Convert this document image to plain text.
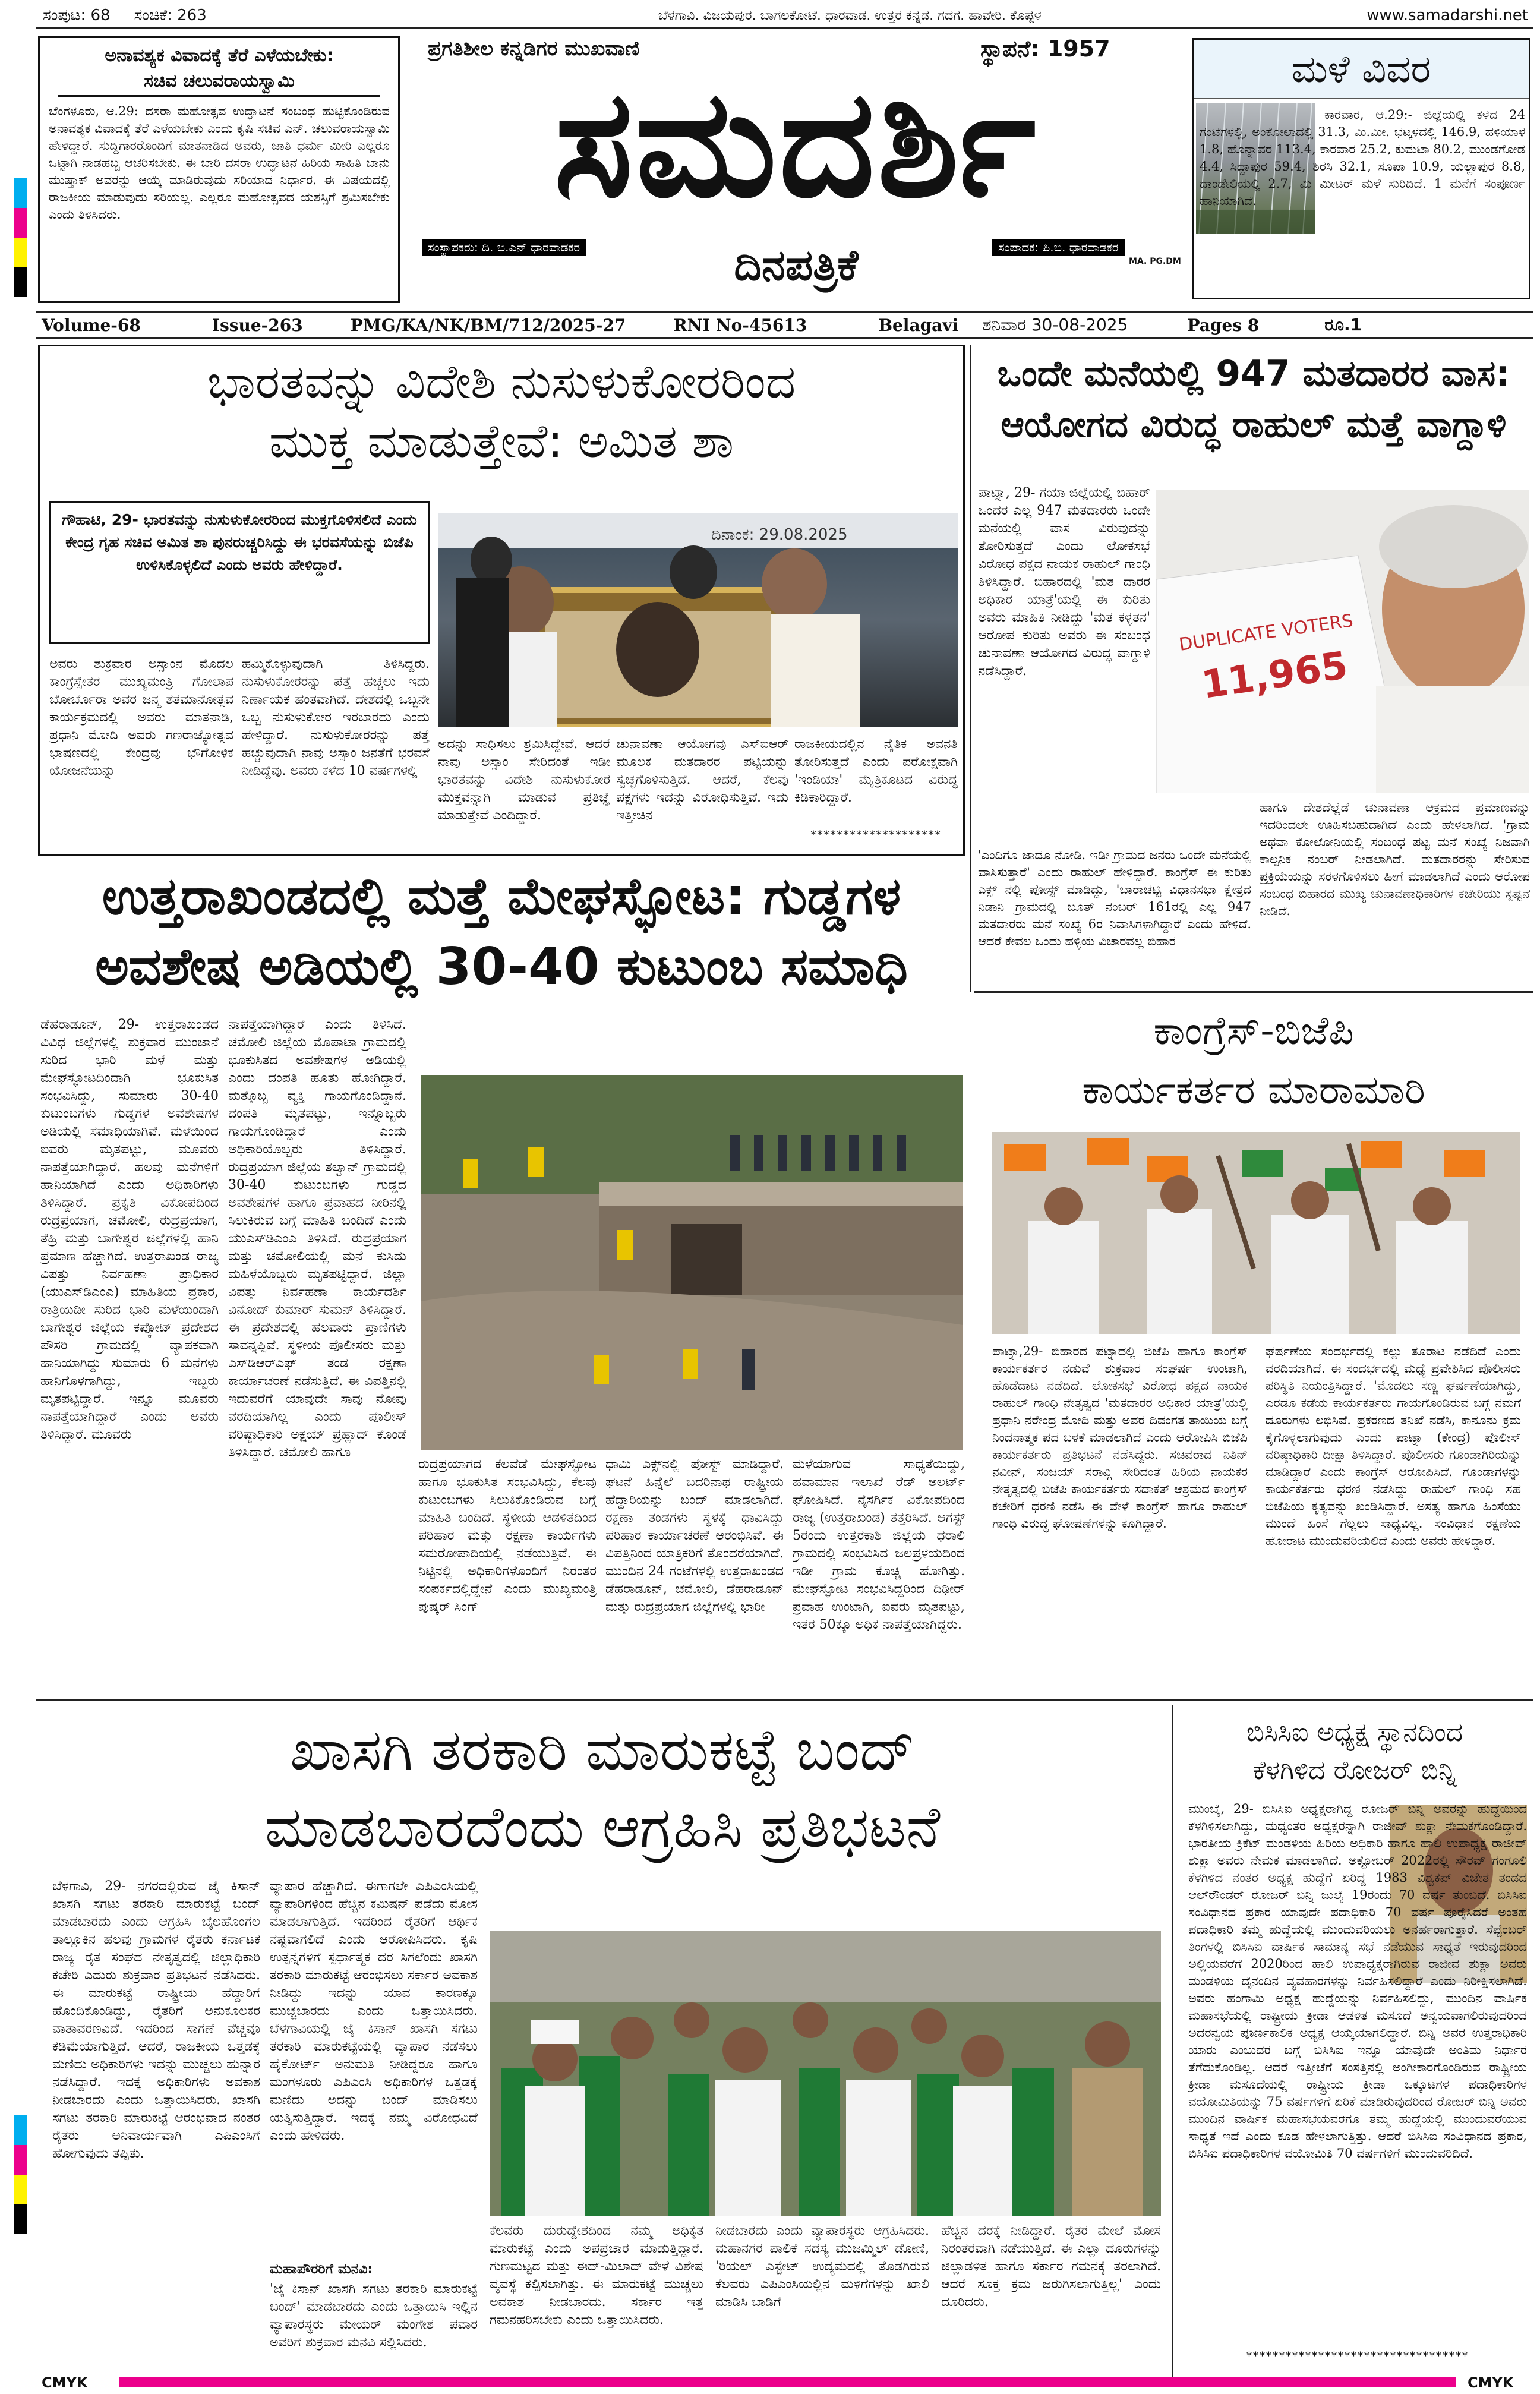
ಸಂಪುಟ: 68 ಸಂಚಿಕೆ: 263	ಬೆಳಗಾವಿ. ವಿಜಯಪುರ. ಬಾಗಲಕೋಟೆ. ಧಾರವಾಡ. ಉತ್ತರ ಕನ್ನಡ. ಗದಗ. ಹಾವೇರಿ. ಕೊಪ್ಪಳ	www.samadarshi.net
ಅನಾವಶ್ಯಕ ವಿವಾದಕ್ಕೆ ತೆರೆ ಎಳೆಯಬೇಕು:
ಸಚಿವ ಚಲುವರಾಯಸ್ವಾಮಿ
ಬೆಂಗಳೂರು, ಆ.29: ದಸರಾ ಮಹೋತ್ಸವ ಉದ್ಘಾಟನೆ ಸಂಬಂಧ ಹುಟ್ಟಿಕೊಂಡಿರುವ ಅನಾವಶ್ಯಕ ವಿವಾದಕ್ಕೆ ತೆರೆ ಎಳೆಯಬೇಕು ಎಂದು ಕೃಷಿ ಸಚಿವ ಎನ್. ಚಲುವರಾಯಸ್ವಾಮಿ ಹೇಳಿದ್ದಾರೆ. ಸುದ್ದಿಗಾರರೊಂದಿಗೆ ಮಾತನಾಡಿದ ಅವರು, ಜಾತಿ ಧರ್ಮ ಮೀರಿ ಎಲ್ಲರೂ ಒಟ್ಟಾಗಿ ನಾಡಹಬ್ಬ ಆಚರಿಸಬೇಕು. ಈ ಬಾರಿ ದಸರಾ ಉದ್ಘಾಟನೆ ಹಿರಿಯ ಸಾಹಿತಿ ಬಾನು ಮುಷ್ತಾಕ್ ಅವರನ್ನು ಆಯ್ಕೆ ಮಾಡಿರುವುದು ಸರಿಯಾದ ನಿರ್ಧಾರ. ಈ ವಿಷಯದಲ್ಲಿ ರಾಜಕೀಯ ಮಾಡುವುದು ಸರಿಯಲ್ಲ. ಎಲ್ಲರೂ ಮಹೋತ್ಸವದ ಯಶಸ್ಸಿಗೆ ಶ್ರಮಿಸಬೇಕು ಎಂದು ತಿಳಿಸಿದರು.
ಪ್ರಗತಿಶೀಲ ಕನ್ನಡಿಗರ ಮುಖವಾಣಿ	ಸ್ಥಾಪನೆ: 1957
ಸಮದರ್ಶಿ
ಸಂಸ್ಥಾಪಕರು: ದಿ. ಬಿ.ಎನ್ ಧಾರವಾಡಕರ	ದಿನಪತ್ರಿಕೆ	ಸಂಪಾದಕ: ಪಿ.ಬಿ. ಧಾರವಾಡಕರ
MA. PG.DM
ಮಳೆ ವಿವರ
ಕಾರವಾರ, ಆ.29:- ಜಿಲ್ಲೆಯಲ್ಲಿ ಕಳೆದ 24 ಗಂಟೆಗಳಲ್ಲಿ, ಅಂಕೋಲಾದಲ್ಲಿ 31.3, ಮಿ.ಮೀ. ಭಟ್ಕಳದಲ್ಲಿ 146.9, ಹಳಿಯಾಳ 1.8, ಹೊನ್ನಾವರ 113.4, ಕಾರವಾರ 25.2, ಕುಮಟಾ 80.2, ಮುಂಡಗೋಡ 4.4, ಸಿದ್ದಾಪುರ 59.4, ಶಿರಸಿ 32.1, ಸೂಪಾ 10.9, ಯಲ್ಲಾಪುರ 8.8, ದಾಂಡೇಲಿಯಲ್ಲಿ 2.7, ಮಿ ಮೀಟರ್ ಮಳೆ ಸುರಿದಿದೆ. 1 ಮನೆಗೆ ಸಂಪೂರ್ಣ ಹಾನಿಯಾಗಿದೆ.
Volume-68	Issue-263	PMG/KA/NK/BM/712/2025-27	RNI No-45613	Belagavi ಶನಿವಾರ 30-08-2025	Pages 8	ರೂ.1
ಭಾರತವನ್ನು ವಿದೇಶಿ ನುಸುಳುಕೋರರಿಂದ
ಮುಕ್ತ ಮಾಡುತ್ತೇವೆ: ಅಮಿತ ಶಾ
ಗೌಹಾಟಿ, 29- ಭಾರತವನ್ನು ನುಸುಳುಕೋರರಿಂದ ಮುಕ್ತಗೊಳಿಸಲಿದೆ ಎಂದು ಕೇಂದ್ರ ಗೃಹ ಸಚಿವ ಅಮಿತ ಶಾ ಪುನರುಚ್ಚರಿಸಿದ್ದು ಈ ಭರವಸೆಯನ್ನು ಬಿಜೆಪಿ ಉಳಿಸಿಕೊಳ್ಳಲಿದೆ ಎಂದು ಅವರು ಹೇಳಿದ್ದಾರೆ.
ಅವರು ಶುಕ್ರವಾರ ಅಸ್ಸಾಂನ ಮೊದಲ ಕಾಂಗ್ರೆಸ್ಸೇತರ ಮುಖ್ಯಮಂತ್ರಿ ಗೋಲಾಪ ಬೋರ್ಬೊರಾ ಅವರ ಜನ್ಮ ಶತಮಾನೋತ್ಸವ ಕಾರ್ಯಕ್ರಮದಲ್ಲಿ ಅವರು ಮಾತನಾಡಿ, ಪ್ರಧಾನಿ ಮೋದಿ ಅವರು ಗಣರಾಜ್ಯೋತ್ಸವ ಭಾಷಣದಲ್ಲಿ ಕೇಂದ್ರವು ಭೌಗೋಳಿಕ ಯೋಜನೆಯನ್ನು
ಹಮ್ಮಿಕೊಳ್ಳುವುದಾಗಿ ತಿಳಿಸಿದ್ದರು. ನುಸುಳುಕೋರರನ್ನು ಪತ್ತೆ ಹಚ್ಚಲು ಇದು ನಿರ್ಣಾಯಕ ಹಂತವಾಗಿದೆ. ದೇಶದಲ್ಲಿ ಒಬ್ಬನೇ ಒಬ್ಬ ನುಸುಳುಕೋರ ಇರಬಾರದು ಎಂದು ಹೇಳಿದ್ದಾರೆ. ನುಸುಳುಕೋರರನ್ನು ಪತ್ತೆ ಹಚ್ಚುವುದಾಗಿ ನಾವು ಅಸ್ಸಾಂ ಜನತೆಗೆ ಭರವಸೆ ನೀಡಿದ್ದೆವು. ಅವರು ಕಳೆದ 10 ವರ್ಷಗಳಲ್ಲಿ
ದಿನಾಂಕ: 29.08.2025
ಅದನ್ನು ಸಾಧಿಸಲು ಶ್ರಮಿಸಿದ್ದೇವೆ. ಆದರೆ ನಾವು ಅಸ್ಸಾಂ ಸೇರಿದಂತೆ ಇಡೀ ಭಾರತವನ್ನು ವಿದೇಶಿ ನುಸುಳುಕೋರ ಮುಕ್ತವನ್ನಾಗಿ ಮಾಡುವ ಪ್ರತಿಜ್ಞೆ ಮಾಡುತ್ತೇವೆ ಎಂದಿದ್ದಾರೆ.
ಚುನಾವಣಾ ಆಯೋಗವು ಎಸ್ಐಆರ್ ಮೂಲಕ ಮತದಾರರ ಪಟ್ಟಿಯನ್ನು ಸ್ವಚ್ಛಗೊಳಿಸುತ್ತಿದೆ. ಆದರೆ, ಕೆಲವು ಪಕ್ಷಗಳು ಇದನ್ನು ವಿರೋಧಿಸುತ್ತಿವೆ. ಇದು ಇತ್ತೀಚಿನ
ರಾಜಕೀಯದಲ್ಲಿನ ನೈತಿಕ ಅವನತಿ ತೋರಿಸುತ್ತದೆ ಎಂದು ಪರೋಕ್ಷವಾಗಿ 'ಇಂಡಿಯಾ' ಮೈತ್ರಿಕೂಟದ ವಿರುದ್ಧ ಕಿಡಿಕಾರಿದ್ದಾರೆ.
********************
ಒಂದೇ ಮನೆಯಲ್ಲಿ 947 ಮತದಾರರ ವಾಸ:
ಆಯೋಗದ ವಿರುದ್ಧ ರಾಹುಲ್ ಮತ್ತೆ ವಾಗ್ದಾಳಿ
ಪಾಟ್ನಾ, 29- ಗಯಾ ಜಿಲ್ಲೆಯಲ್ಲಿ ಬಿಹಾರ್ ಒಂದರ ಎಲ್ಲ 947 ಮತದಾರರು ಒಂದೇ ಮನೆಯಲ್ಲಿ ವಾಸ ವಿರುವುದನ್ನು ತೋರಿಸುತ್ತದೆ ಎಂದು ಲೋಕಸಭೆ ವಿರೋಧ ಪಕ್ಷದ ನಾಯಕ ರಾಹುಲ್ ಗಾಂಧಿ ತಿಳಿಸಿದ್ದಾರೆ. ಬಿಹಾರದಲ್ಲಿ 'ಮತ ದಾರರ ಅಧಿಕಾರ ಯಾತ್ರೆ'ಯಲ್ಲಿ ಈ ಕುರಿತು ಅವರು ಮಾಹಿತಿ ನೀಡಿದ್ದು 'ಮತ ಕಳ್ಳತನ' ಆರೋಪ ಕುರಿತು ಅವರು ಈ ಸಂಬಂಧ ಚುನಾವಣಾ ಆಯೋಗದ ವಿರುದ್ಧ ವಾಗ್ದಾಳಿ ನಡೆಸಿದ್ದಾರೆ.
DUPLICATE VOTERS
11,965
'ಎಂದಿಗೂ ಜಾದೂ ನೋಡಿ. ಇಡೀ ಗ್ರಾಮದ ಜನರು ಒಂದೇ ಮನೆಯಲ್ಲಿ ವಾಸಿಸುತ್ತಾರೆ' ಎಂದು ರಾಹುಲ್ ಹೇಳಿದ್ದಾರೆ. ಕಾಂಗ್ರೆಸ್ ಈ ಕುರಿತು ಎಕ್ಸ್ ನಲ್ಲಿ ಪೋಸ್ಟ್ ಮಾಡಿದ್ದು, 'ಬಾರಾಚಟ್ಟಿ ವಿಧಾನಸಭಾ ಕ್ಷೇತ್ರದ ನಿಡಾನಿ ಗ್ರಾಮದಲ್ಲಿ ಬೂತ್ ನಂಬರ್ 161ರಲ್ಲಿ ಎಲ್ಲ 947 ಮತದಾರರು ಮನೆ ಸಂಖ್ಯೆ 6ರ ನಿವಾಸಿಗಳಾಗಿದ್ದಾರೆ ಎಂದು ಹೇಳಿದೆ. ಆದರೆ ಕೇವಲ ಒಂದು ಹಳ್ಳಿಯ ವಿಚಾರವಲ್ಲ ಬಿಹಾರ
ಹಾಗೂ ದೇಶದೆಲ್ಲೆಡೆ ಚುನಾವಣಾ ಆಕ್ರಮದ ಪ್ರಮಾಣವನ್ನು ಇದರಿಂದಲೇ ಊಹಿಸಬಹುದಾಗಿದೆ ಎಂದು ಹೇಳಲಾಗಿದೆ. 'ಗ್ರಾಮ ಅಥವಾ ಕೋಲೋನಿಯಲ್ಲಿ ಸಂಬಂಧ ಪಟ್ಟ ಮನೆ ಸಂಖ್ಯೆ ನಿಜವಾಗಿ ಕಾಲ್ಪನಿಕ ನಂಬರ್ ನೀಡಲಾಗಿದೆ. ಮತದಾರರನ್ನು ಸೇರಿಸುವ ಪ್ರಕ್ರಿಯೆಯನ್ನು ಸರಳಗೊಳಿಸಲು ಹೀಗೆ ಮಾಡಲಾಗಿದೆ ಎಂದು ಆರೋಪ ಸಂಬಂಧ ಬಿಹಾರದ ಮುಖ್ಯ ಚುನಾವಣಾಧಿಕಾರಿಗಳ ಕಚೇರಿಯು ಸ್ಪಷ್ಟನೆ ನೀಡಿದೆ.
ಉತ್ತರಾಖಂಡದಲ್ಲಿ ಮತ್ತೆ ಮೇಘಸ್ಫೋಟ: ಗುಡ್ಡಗಳ
ಅವಶೇಷ ಅಡಿಯಲ್ಲಿ 30-40 ಕುಟುಂಬ ಸಮಾಧಿ
ಡೆಹರಾಡೂನ್, 29- ಉತ್ತರಾಖಂಡದ ವಿವಿಧ ಜಿಲ್ಲೆಗಳಲ್ಲಿ ಶುಕ್ರವಾರ ಮುಂಜಾನೆ ಸುರಿದ ಭಾರಿ ಮಳೆ ಮತ್ತು ಮೇಘಸ್ಫೋಟದಿಂದಾಗಿ ಭೂಕುಸಿತ ಸಂಭವಿಸಿದ್ದು, ಸುಮಾರು 30-40 ಕುಟುಂಬಗಳು ಗುಡ್ಡಗಳ ಅವಶೇಷಗಳ ಅಡಿಯಲ್ಲಿ ಸಮಾಧಿಯಾಗಿವೆ. ಮಳೆಯಿಂದ ಐವರು ಮೃತಪಟ್ಟು, ಮೂವರು ನಾಪತ್ತೆಯಾಗಿದ್ದಾರೆ. ಹಲವು ಮನೆಗಳಿಗೆ ಹಾನಿಯಾಗಿದೆ ಎಂದು ಅಧಿಕಾರಿಗಳು ತಿಳಿಸಿದ್ದಾರೆ. ಪ್ರಕೃತಿ ವಿಕೋಪದಿಂದ ರುದ್ರಪ್ರಯಾಗ, ಚಮೋಲಿ, ರುದ್ರಪ್ರಯಾಗ, ತೆಹ್ರಿ ಮತ್ತು ಬಾಗೇಶ್ವರ ಜಿಲ್ಲೆಗಳಲ್ಲಿ ಹಾನಿ ಪ್ರಮಾಣ ಹೆಚ್ಚಾಗಿದೆ. ಉತ್ತರಾಖಂಡ ರಾಜ್ಯ ವಿಪತ್ತು ನಿರ್ವಹಣಾ ಪ್ರಾಧಿಕಾರ (ಯುಎಸ್‌ಡಿಎಂಎ) ಮಾಹಿತಿಯ ಪ್ರಕಾರ, ರಾತ್ರಿಯಿಡೀ ಸುರಿದ ಭಾರಿ ಮಳೆಯಿಂದಾಗಿ ಬಾಗೇಶ್ವರ ಜಿಲ್ಲೆಯ ಕಪ್ಕೋಟ್ ಪ್ರದೇಶದ ಪೌಸರಿ ಗ್ರಾಮದಲ್ಲಿ ವ್ಯಾಪಕವಾಗಿ ಹಾನಿಯಾಗಿದ್ದು ಸುಮಾರು 6 ಮನೆಗಳು ಹಾನಿಗೊಳಗಾಗಿದ್ದು, ಇಬ್ಬರು ಮೃತಪಟ್ಟಿದ್ದಾರೆ. ಇನ್ನೂ ಮೂವರು ನಾಪತ್ತೆಯಾಗಿದ್ದಾರೆ ಎಂದು ಅವರು ತಿಳಿಸಿದ್ದಾರೆ. ಮೂವರು
ನಾಪತ್ತೆಯಾಗಿದ್ದಾರೆ ಎಂದು ತಿಳಿಸಿದೆ. ಚಮೋಲಿ ಜಿಲ್ಲೆಯ ಮೊಪಾಟಾ ಗ್ರಾಮದಲ್ಲಿ ಭೂಕುಸಿತದ ಅವಶೇಷಗಳ ಅಡಿಯಲ್ಲಿ ಎಂದು ದಂಪತಿ ಹೂತು ಹೋಗಿದ್ದಾರೆ. ಮತ್ತೊಬ್ಬ ವ್ಯಕ್ತಿ ಗಾಯಗೊಂಡಿದ್ದಾನೆ. ದಂಪತಿ ಮೃತಪಟ್ಟು, ಇನ್ನೊಬ್ಬರು ಗಾಯಗೊಂಡಿದ್ದಾರೆ ಎಂದು ಅಧಿಕಾರಿಯೊಬ್ಬರು ತಿಳಿಸಿದ್ದಾರೆ. ರುದ್ರಪ್ರಯಾಗ ಜಿಲ್ಲೆಯ ತಲ್ವಾನ್ ಗ್ರಾಮದಲ್ಲಿ 30-40 ಕುಟುಂಬಗಳು ಗುಡ್ಡದ ಅವಶೇಷಗಳ ಹಾಗೂ ಪ್ರವಾಹದ ನೀರಿನಲ್ಲಿ ಸಿಲುಕಿರುವ ಬಗ್ಗೆ ಮಾಹಿತಿ ಬಂದಿದೆ ಎಂದು ಯುಎಸ್‌ಡಿಎಂಎ ತಿಳಿಸಿದೆ. ರುದ್ರಪ್ರಯಾಗ ಮತ್ತು ಚಮೋಲಿಯಲ್ಲಿ ಮನೆ ಕುಸಿದು ಮಹಿಳೆಯೊಬ್ಬರು ಮೃತಪಟ್ಟಿದ್ದಾರೆ. ಜಿಲ್ಲಾ ವಿಪತ್ತು ನಿರ್ವಹಣಾ ಕಾರ್ಯದರ್ಶಿ ವಿನೋದ್ ಕುಮಾರ್ ಸುಮನ್ ತಿಳಿಸಿದ್ದಾರೆ. ಈ ಪ್ರದೇಶದಲ್ಲಿ ಹಲವಾರು ಪ್ರಾಣಿಗಳು ಸಾವನ್ನಪ್ಪಿವೆ. ಸ್ಥಳೀಯ ಪೊಲೀಸರು ಮತ್ತು ಎಸ್‌ಡಿಆರ್‌ಎಫ್ ತಂಡ ರಕ್ಷಣಾ ಕಾರ್ಯಾಚರಣೆ ನಡೆಸುತ್ತಿದೆ. ಈ ವಿಪತ್ತಿನಲ್ಲಿ ಇದುವರೆಗೆ ಯಾವುದೇ ಸಾವು ನೋವು ವರದಿಯಾಗಿಲ್ಲ ಎಂದು ಪೊಲೀಸ್ ವರಿಷ್ಠಾಧಿಕಾರಿ ಅಕ್ಷಯ್ ಪ್ರಹ್ಲಾದ್ ಕೊಂಡೆ ತಿಳಿಸಿದ್ದಾರೆ. ಚಮೋಲಿ ಹಾಗೂ
ರುದ್ರಪ್ರಯಾಗದ ಕೆಲವೆಡೆ ಮೇಘಸ್ಫೋಟ ಹಾಗೂ ಭೂಕುಸಿತ ಸಂಭವಿಸಿದ್ದು, ಕೆಲವು ಕುಟುಂಬಗಳು ಸಿಲುಕಿಕೊಂಡಿರುವ ಬಗ್ಗೆ ಮಾಹಿತಿ ಬಂದಿದೆ. ಸ್ಥಳೀಯ ಆಡಳಿತದಿಂದ ಪರಿಹಾರ ಮತ್ತು ರಕ್ಷಣಾ ಕಾರ್ಯಗಳು ಸಮರೋಪಾದಿಯಲ್ಲಿ ನಡೆಯುತ್ತಿವೆ. ಈ ನಿಟ್ಟಿನಲ್ಲಿ ಅಧಿಕಾರಿಗಳೊಂದಿಗೆ ನಿರಂತರ ಸಂಪರ್ಕದಲ್ಲಿದ್ದೇನೆ ಎಂದು ಮುಖ್ಯಮಂತ್ರಿ ಪುಷ್ಕರ್ ಸಿಂಗ್
ಧಾಮಿ ಎಕ್ಸ್‌ನಲ್ಲಿ ಪೋಸ್ಟ್ ಮಾಡಿದ್ದಾರೆ. ಘಟನೆ ಹಿನ್ನೆಲೆ ಬದರಿನಾಥ ರಾಷ್ಟ್ರೀಯ ಹೆದ್ದಾರಿಯನ್ನು ಬಂದ್ ಮಾಡಲಾಗಿದೆ. ರಕ್ಷಣಾ ತಂಡಗಳು ಸ್ಥಳಕ್ಕೆ ಧಾವಿಸಿದ್ದು ಪರಿಹಾರ ಕಾರ್ಯಾಚರಣೆ ಆರಂಭಿಸಿವೆ. ಈ ವಿಪತ್ತಿನಿಂದ ಯಾತ್ರಿಕರಿಗೆ ತೊಂದರೆಯಾಗಿದೆ. ಮುಂದಿನ 24 ಗಂಟೆಗಳಲ್ಲಿ ಉತ್ತರಾಖಂಡದ ಡೆಹರಾಡೂನ್, ಚಮೋಲಿ, ಡೆಹರಾಡೂನ್ ಮತ್ತು ರುದ್ರಪ್ರಯಾಗ ಜಿಲ್ಲೆಗಳಲ್ಲಿ ಭಾರೀ
ಮಳೆಯಾಗುವ ಸಾಧ್ಯತೆಯಿದ್ದು, ಹವಾಮಾನ ಇಲಾಖೆ ರೆಡ್ ಅಲರ್ಟ್ ಘೋಷಿಸಿದೆ. ನೈಸರ್ಗಿಕ ವಿಕೋಪದಿಂದ ರಾಜ್ಯ (ಉತ್ತರಾಖಂಡ) ತತ್ತರಿಸಿದೆ. ಆಗಸ್ಟ್ 5ರಂದು ಉತ್ತರಕಾಶಿ ಜಿಲ್ಲೆಯ ಧರಾಲಿ ಗ್ರಾಮದಲ್ಲಿ ಸಂಭವಿಸಿದ ಜಲಪ್ರಳಯದಿಂದ ಇಡೀ ಗ್ರಾಮ ಕೊಚ್ಚಿ ಹೋಗಿತ್ತು. ಮೇಘಸ್ಫೋಟ ಸಂಭವಿಸಿದ್ದರಿಂದ ದಿಢೀರ್ ಪ್ರವಾಹ ಉಂಟಾಗಿ, ಐವರು ಮೃತಪಟ್ಟು, ಇತರ 50ಕ್ಕೂ ಅಧಿಕ ನಾಪತ್ತೆಯಾಗಿದ್ದರು.
ಕಾಂಗ್ರೆಸ್-ಬಿಜೆಪಿ
ಕಾರ್ಯಕರ್ತರ ಮಾರಾಮಾರಿ
ಪಾಟ್ನಾ,29- ಬಿಹಾರದ ಪಟ್ನಾದಲ್ಲಿ ಬಿಜೆಪಿ ಹಾಗೂ ಕಾಂಗ್ರೆಸ್ ಕಾರ್ಯಕರ್ತರ ನಡುವೆ ಶುಕ್ರವಾರ ಸಂಘರ್ಷ ಉಂಟಾಗಿ, ಹೊಡೆದಾಟ ನಡೆದಿದೆ. ಲೋಕಸಭೆ ವಿರೋಧ ಪಕ್ಷದ ನಾಯಕ ರಾಹುಲ್ ಗಾಂಧಿ ನೇತೃತ್ವದ 'ಮತದಾರರ ಅಧಿಕಾರ ಯಾತ್ರೆ'ಯಲ್ಲಿ ಪ್ರಧಾನಿ ನರೇಂದ್ರ ಮೋದಿ ಮತ್ತು ಅವರ ದಿವಂಗತ ತಾಯಿಯ ಬಗ್ಗೆ ನಿಂದನಾತ್ಮಕ ಪದ ಬಳಕೆ ಮಾಡಲಾಗಿದೆ ಎಂದು ಆರೋಪಿಸಿ ಬಿಜೆಪಿ ಕಾರ್ಯಕರ್ತರು ಪ್ರತಿಭಟನೆ ನಡೆಸಿದ್ದರು. ಸಚಿವರಾದ ನಿತಿನ್ ನವೀನ್, ಸಂಜಯ್ ಸರಾವ್ಗಿ ಸೇರಿದಂತೆ ಹಿರಿಯ ನಾಯಕರ ನೇತೃತ್ವದಲ್ಲಿ ಬಿಜೆಪಿ ಕಾರ್ಯಕರ್ತರು ಸದಾಕತ್ ಆಶ್ರಮದ ಕಾಂಗ್ರೆಸ್ ಕಚೇರಿಗೆ ಧರಣಿ ನಡೆಸಿ ಈ ವೇಳೆ ಕಾಂಗ್ರೆಸ್ ಹಾಗೂ ರಾಹುಲ್ ಗಾಂಧಿ ವಿರುದ್ಧ ಘೋಷಣೆಗಳನ್ನು ಕೂಗಿದ್ದಾರೆ.
ಘರ್ಷಣೆಯ ಸಂದರ್ಭದಲ್ಲಿ ಕಲ್ಲು ತೂರಾಟ ನಡೆದಿದೆ ಎಂದು ವರದಿಯಾಗಿದೆ. ಈ ಸಂದರ್ಭದಲ್ಲಿ ಮಧ್ಯೆ ಪ್ರವೇಶಿಸಿದ ಪೊಲೀಸರು ಪರಿಸ್ಥಿತಿ ನಿಯಂತ್ರಿಸಿದ್ದಾರೆ. 'ಮೊದಲು ಸಣ್ಣ ಘರ್ಷಣೆಯಾಗಿದ್ದು, ಎರಡೂ ಕಡೆಯ ಕಾರ್ಯಕರ್ತರು ಗಾಯಗೊಂಡಿರುವ ಬಗ್ಗೆ ನಮಗೆ ದೂರುಗಳು ಲಭಿಸಿವೆ. ಪ್ರಕರಣದ ತನಿಖೆ ನಡೆಸಿ, ಕಾನೂನು ಕ್ರಮ ಕೈಗೊಳ್ಳಲಾಗುವುದು ಎಂದು ಪಾಟ್ನಾ (ಕೇಂದ್ರ) ಪೊಲೀಸ್ ವರಿಷ್ಠಾಧಿಕಾರಿ ದೀಕ್ಷಾ ತಿಳಿಸಿದ್ದಾರೆ. ಪೊಲೀಸರು ಗೂಂಡಾಗಿರಿಯನ್ನು ಮಾಡಿದ್ದಾರೆ ಎಂದು ಕಾಂಗ್ರೆಸ್ ಆರೋಪಿಸಿದೆ. ಗೂಂಡಾಗಳನ್ನು ಕಾರ್ಯಕರ್ತರು ಧರಣಿ ನಡೆಸಿದ್ದು ರಾಹುಲ್ ಗಾಂಧಿ ಸಹ ಬಿಜೆಪಿಯ ಕೃತ್ಯವನ್ನು ಖಂಡಿಸಿದ್ದಾರೆ. ಅಸತ್ಯ ಹಾಗೂ ಹಿಂಸೆಯು ಮುಂದೆ ಹಿಂಸೆ ಗೆಲ್ಲಲು ಸಾಧ್ಯವಿಲ್ಲ. ಸಂವಿಧಾನ ರಕ್ಷಣೆಯ ಹೋರಾಟ ಮುಂದುವರಿಯಲಿದೆ ಎಂದು ಅವರು ಹೇಳಿದ್ದಾರೆ.
ಖಾಸಗಿ ತರಕಾರಿ ಮಾರುಕಟ್ಟೆ ಬಂದ್
ಮಾಡಬಾರದೆಂದು ಆಗ್ರಹಿಸಿ ಪ್ರತಿಭಟನೆ
ಬೆಳಗಾವಿ, 29- ನಗರದಲ್ಲಿರುವ ಜೈ ಕಿಸಾನ್ ಖಾಸಗಿ ಸಗಟು ತರಕಾರಿ ಮಾರುಕಟ್ಟೆ ಬಂದ್ ಮಾಡಬಾರದು ಎಂದು ಆಗ್ರಹಿಸಿ ಬೈಲಹೊಂಗಲ ತಾಲ್ಲೂಕಿನ ಹಲವು ಗ್ರಾಮಗಳ ರೈತರು ಕರ್ನಾಟಕ ರಾಜ್ಯ ರೈತ ಸಂಘದ ನೇತೃತ್ವದಲ್ಲಿ ಜಿಲ್ಲಾಧಿಕಾರಿ ಕಚೇರಿ ಎದುರು ಶುಕ್ರವಾರ ಪ್ರತಿಭಟನೆ ನಡೆಸಿದರು. ಈ ಮಾರುಕಟ್ಟೆ ರಾಷ್ಟ್ರೀಯ ಹೆದ್ದಾರಿಗೆ ಹೊಂದಿಕೊಂಡಿದ್ದು, ರೈತರಿಗೆ ಅನುಕೂಲಕರ ವಾತಾವರಣವಿದೆ. ಇದರಿಂದ ಸಾಗಣೆ ವೆಚ್ಚವೂ ಕಡಿಮೆಯಾಗುತ್ತಿದೆ. ಆದರೆ, ರಾಜಕೀಯ ಒತ್ತಡಕ್ಕೆ ಮಣಿದು ಅಧಿಕಾರಿಗಳು ಇದನ್ನು ಮುಚ್ಚಲು ಹುನ್ನಾರ ನಡೆಸಿದ್ದಾರೆ. ಇದಕ್ಕೆ ಅಧಿಕಾರಿಗಳು ಅವಕಾಶ ನೀಡಬಾರದು ಎಂದು ಒತ್ತಾಯಿಸಿದರು. ಖಾಸಗಿ ಸಗಟು ತರಕಾರಿ ಮಾರುಕಟ್ಟೆ ಆರಂಭವಾದ ನಂತರ ರೈತರು ಅನಿವಾರ್ಯವಾಗಿ ಎಪಿಎಂಸಿಗೆ ಹೋಗುವುದು ತಪ್ಪಿತು.
ವ್ಯಾಪಾರ ಹೆಚ್ಚಾಗಿದೆ. ಈಗಾಗಲೇ ಎಪಿಎಂಸಿಯಲ್ಲಿ ವ್ಯಾಪಾರಿಗಳಿಂದ ಹೆಚ್ಚಿನ ಕಮಿಷನ್ ಪಡೆದು ಮೋಸ ಮಾಡಲಾಗುತ್ತಿದೆ. ಇದರಿಂದ ರೈತರಿಗೆ ಆರ್ಥಿಕ ನಷ್ಟವಾಗಲಿದೆ ಎಂದು ಆರೋಪಿಸಿದರು. ಕೃಷಿ ಉತ್ಪನ್ನಗಳಿಗೆ ಸ್ಪರ್ಧಾತ್ಮಕ ದರ ಸಿಗಲೆಂದು ಖಾಸಗಿ ತರಕಾರಿ ಮಾರುಕಟ್ಟೆ ಆರಂಭಿಸಲು ಸರ್ಕಾರ ಅವಕಾಶ ನೀಡಿದ್ದು ಇದನ್ನು ಯಾವ ಕಾರಣಕ್ಕೂ ಮುಚ್ಚಬಾರದು ಎಂದು ಒತ್ತಾಯಿಸಿದರು. ಬೆಳಗಾವಿಯಲ್ಲಿ ಜೈ ಕಿಸಾನ್ ಖಾಸಗಿ ಸಗಟು ತರಕಾರಿ ಮಾರುಕಟ್ಟೆಯಲ್ಲಿ ವ್ಯಾಪಾರ ನಡೆಸಲು ಹೈಕೋರ್ಟ್ ಅನುಮತಿ ನೀಡಿದ್ದರೂ ಹಾಗೂ ಮಂಗಳೂರು ಎಪಿಎಂಸಿ ಅಧಿಕಾರಿಗಳ ಒತ್ತಡಕ್ಕೆ ಮಣಿದು ಅದನ್ನು ಬಂದ್ ಮಾಡಿಸಲು ಯತ್ನಿಸುತ್ತಿದ್ದಾರೆ. ಇದಕ್ಕೆ ನಮ್ಮ ವಿರೋಧವಿದೆ ಎಂದು ಹೇಳಿದರು.
ಮಹಾಪೌರರಿಗೆ ಮನವಿ:
'ಜೈ ಕಿಸಾನ್ ಖಾಸಗಿ ಸಗಟು ತರಕಾರಿ ಮಾರುಕಟ್ಟೆ ಬಂದ್' ಮಾಡಬಾರದು ಎಂದು ಒತ್ತಾಯಿಸಿ ಇಲ್ಲಿನ ವ್ಯಾಪಾರಸ್ಥರು ಮೇಯರ್ ಮಂಗೇಶ ಪವಾರ ಅವರಿಗೆ ಶುಕ್ರವಾರ ಮನವಿ ಸಲ್ಲಿಸಿದರು.
ಕೆಲವರು ದುರುದ್ದೇಶದಿಂದ ನಮ್ಮ ಅಧಿಕೃತ ಮಾರುಕಟ್ಟೆ ಎಂದು ಅಪಪ್ರಚಾರ ಮಾಡುತ್ತಿದ್ದಾರೆ. ಗುಣಮಟ್ಟದ ಮತ್ತು ಈದ್-ಮಿಲಾದ್ ವೇಳೆ ವಿಶೇಷ ವ್ಯವಸ್ಥೆ ಕಲ್ಪಿಸಲಾಗಿತ್ತು. ಈ ಮಾರುಕಟ್ಟೆ ಮುಚ್ಚಲು ಅವಕಾಶ ನೀಡಬಾರದು. ಸರ್ಕಾರ ಇತ್ತ ಗಮನಹರಿಸಬೇಕು ಎಂದು ಒತ್ತಾಯಿಸಿದರು.
ನೀಡಬಾರದು ಎಂದು ವ್ಯಾಪಾರಸ್ಥರು ಆಗ್ರಹಿಸಿದರು. ಮಹಾನಗರ ಪಾಲಿಕೆ ಸದಸ್ಯ ಮುಜಮ್ಮಿಲ್ ಡೋಣಿ, 'ರಿಯಲ್ ಎಸ್ಟೇಟ್ ಉದ್ಯಮದಲ್ಲಿ ತೊಡಗಿರುವ ಕೆಲವರು ಎಪಿಎಂಸಿಯಲ್ಲಿನ ಮಳಿಗೆಗಳನ್ನು ಖಾಲಿ ಮಾಡಿಸಿ ಬಾಡಿಗೆ
ಹೆಚ್ಚಿನ ದರಕ್ಕೆ ನೀಡಿದ್ದಾರೆ. ರೈತರ ಮೇಲೆ ಮೋಸ ನಿರಂತರವಾಗಿ ನಡೆಯುತ್ತಿದೆ. ಈ ಎಲ್ಲಾ ದೂರುಗಳನ್ನು ಜಿಲ್ಲಾಡಳಿತ ಹಾಗೂ ಸರ್ಕಾರ ಗಮನಕ್ಕೆ ತರಲಾಗಿದೆ. ಆದರೆ ಸೂಕ್ತ ಕ್ರಮ ಜರುಗಿಸಲಾಗುತ್ತಿಲ್ಲ' ಎಂದು ದೂರಿದರು.
ಬಿಸಿಸಿಐ ಅಧ್ಯಕ್ಷ ಸ್ಥಾನದಿಂದ
ಕೆಳಗಿಳಿದ ರೋಜರ್ ಬಿನ್ನಿ
ಮುಂಬೈ, 29- ಬಿಸಿಸಿಐ ಅಧ್ಯಕ್ಷರಾಗಿದ್ದ ರೋಜರ್ ಬಿನ್ನಿ ಅವರನ್ನು ಹುದ್ದೆಯಿಂದ ಕೆಳಗಿಳಿಸಲಾಗಿದ್ದು, ಮಧ್ಯಂತರ ಅಧ್ಯಕ್ಷರನ್ನಾಗಿ ರಾಜೀವ್ ಶುಕ್ಲಾ ನೇಮಕಗೊಂಡಿದ್ದಾರೆ. ಭಾರತೀಯ ಕ್ರಿಕೆಟ್ ಮಂಡಳಿಯ ಹಿರಿಯ ಅಧಿಕಾರಿ ಹಾಗೂ ಹಾಲಿ ಉಪಾಧ್ಯಕ್ಷ ರಾಜೀವ್ ಶುಕ್ಲಾ ಅವರು ನೇಮಕ ಮಾಡಲಾಗಿದೆ. ಅಕ್ಟೋಬರ್ 2022ರಲ್ಲಿ ಸೌರವ್ ಗಂಗೂಲಿ ಕೆಳಗಿಳಿದ ನಂತರ ಅಧ್ಯಕ್ಷ ಹುದ್ದೆಗೆ ಏರಿದ್ದ 1983 ವಿಶ್ವಕಪ್ ವಿಜೇತ ತಂಡದ ಆಲ್‌ರೌಂಡರ್ ರೋಜರ್ ಬಿನ್ನಿ ಜುಲೈ 19ರಂದು 70 ವರ್ಷ ತುಂಬಿದೆ. ಬಿಸಿಸಿಐ ಸಂವಿಧಾನದ ಪ್ರಕಾರ ಯಾವುದೇ ಪದಾಧಿಕಾರಿ 70 ವರ್ಷ ಪೂರೈಸಿದರೆ ಅಂತಹ ಪದಾಧಿಕಾರಿ ತಮ್ಮ ಹುದ್ದೆಯಲ್ಲಿ ಮುಂದುವರಿಯಲು ಅನರ್ಹರಾಗುತ್ತಾರೆ. ಸೆಪ್ಟೆಂಬರ್ ತಿಂಗಳಲ್ಲಿ ಬಿಸಿಸಿಐ ವಾರ್ಷಿಕ ಸಾಮಾನ್ಯ ಸಭೆ ನಡೆಯುವ ಸಾಧ್ಯತೆ ಇರುವುದರಿಂದ ಅಲ್ಲಿಯವರೆಗೆ 2020ರಿಂದ ಹಾಲಿ ಉಪಾಧ್ಯಕ್ಷರಾಗಿರುವ ರಾಜೀವ ಶುಕ್ಲಾ ಅವರು ಮಂಡಳಿಯ ದೈನಂದಿನ ವ್ಯವಹಾರಗಳನ್ನು ನಿರ್ವಹಿಸಲಿದ್ದಾರೆ ಎಂದು ನಿರೀಕ್ಷಿಸಲಾಗಿದೆ. ಅವರು ಹಂಗಾಮಿ ಅಧ್ಯಕ್ಷ ಹುದ್ದೆಯನ್ನು ನಿರ್ವಹಿಸಲಿದ್ದು, ಮುಂದಿನ ವಾರ್ಷಿಕ ಮಹಾಸಭೆಯಲ್ಲಿ ರಾಷ್ಟ್ರೀಯ ಕ್ರೀಡಾ ಆಡಳಿತ ಮಸೂದೆ ಅನ್ವಯವಾಗಲಿರುವುದರಿಂದ ಅದರನ್ವಯ ಪೂರ್ಣಕಾಲಿಕ ಅಧ್ಯಕ್ಷ ಆಯ್ಕೆಯಾಗಲಿದ್ದಾರೆ. ಬಿನ್ನಿ ಅವರ ಉತ್ತರಾಧಿಕಾರಿ ಯಾರು ಎಂಬುದರ ಬಗ್ಗೆ ಬಿಸಿಸಿಐ ಇನ್ನೂ ಯಾವುದೇ ಅಂತಿಮ ನಿರ್ಧಾರ ತೆಗೆದುಕೊಂಡಿಲ್ಲ. ಆದರೆ ಇತ್ತೀಚೆಗೆ ಸಂಸತ್ತಿನಲ್ಲಿ ಅಂಗೀಕಾರಗೊಂಡಿರುವ ರಾಷ್ಟ್ರೀಯ ಕ್ರೀಡಾ ಮಸೂದೆಯಲ್ಲಿ ರಾಷ್ಟ್ರೀಯ ಕ್ರೀಡಾ ಒಕ್ಕೂಟಗಳ ಪದಾಧಿಕಾರಿಗಳ ವಯೋಮಿತಿಯನ್ನು 75 ವರ್ಷಗಳಿಗೆ ಏರಿಕೆ ಮಾಡಿರುವುದರಿಂದ ರೋಜರ್ ಬಿನ್ನಿ ಅವರು ಮುಂದಿನ ವಾರ್ಷಿಕ ಮಹಾಸಭೆಯವರೆಗೂ ತಮ್ಮ ಹುದ್ದೆಯಲ್ಲಿ ಮುಂದುವರೆಯುವ ಸಾಧ್ಯತೆ ಇದೆ ಎಂದು ಕೂಡ ಹೇಳಲಾಗುತ್ತಿತ್ತು. ಆದರೆ ಬಿಸಿಸಿಐ ಸಂವಿಧಾನದ ಪ್ರಕಾರ, ಬಿಸಿಸಿಐ ಪದಾಧಿಕಾರಿಗಳ ವಯೋಮಿತಿ 70 ವರ್ಷಗಳಿಗೆ ಮುಂದುವರಿದಿದೆ.
**********************************
CMYK	CMYK
